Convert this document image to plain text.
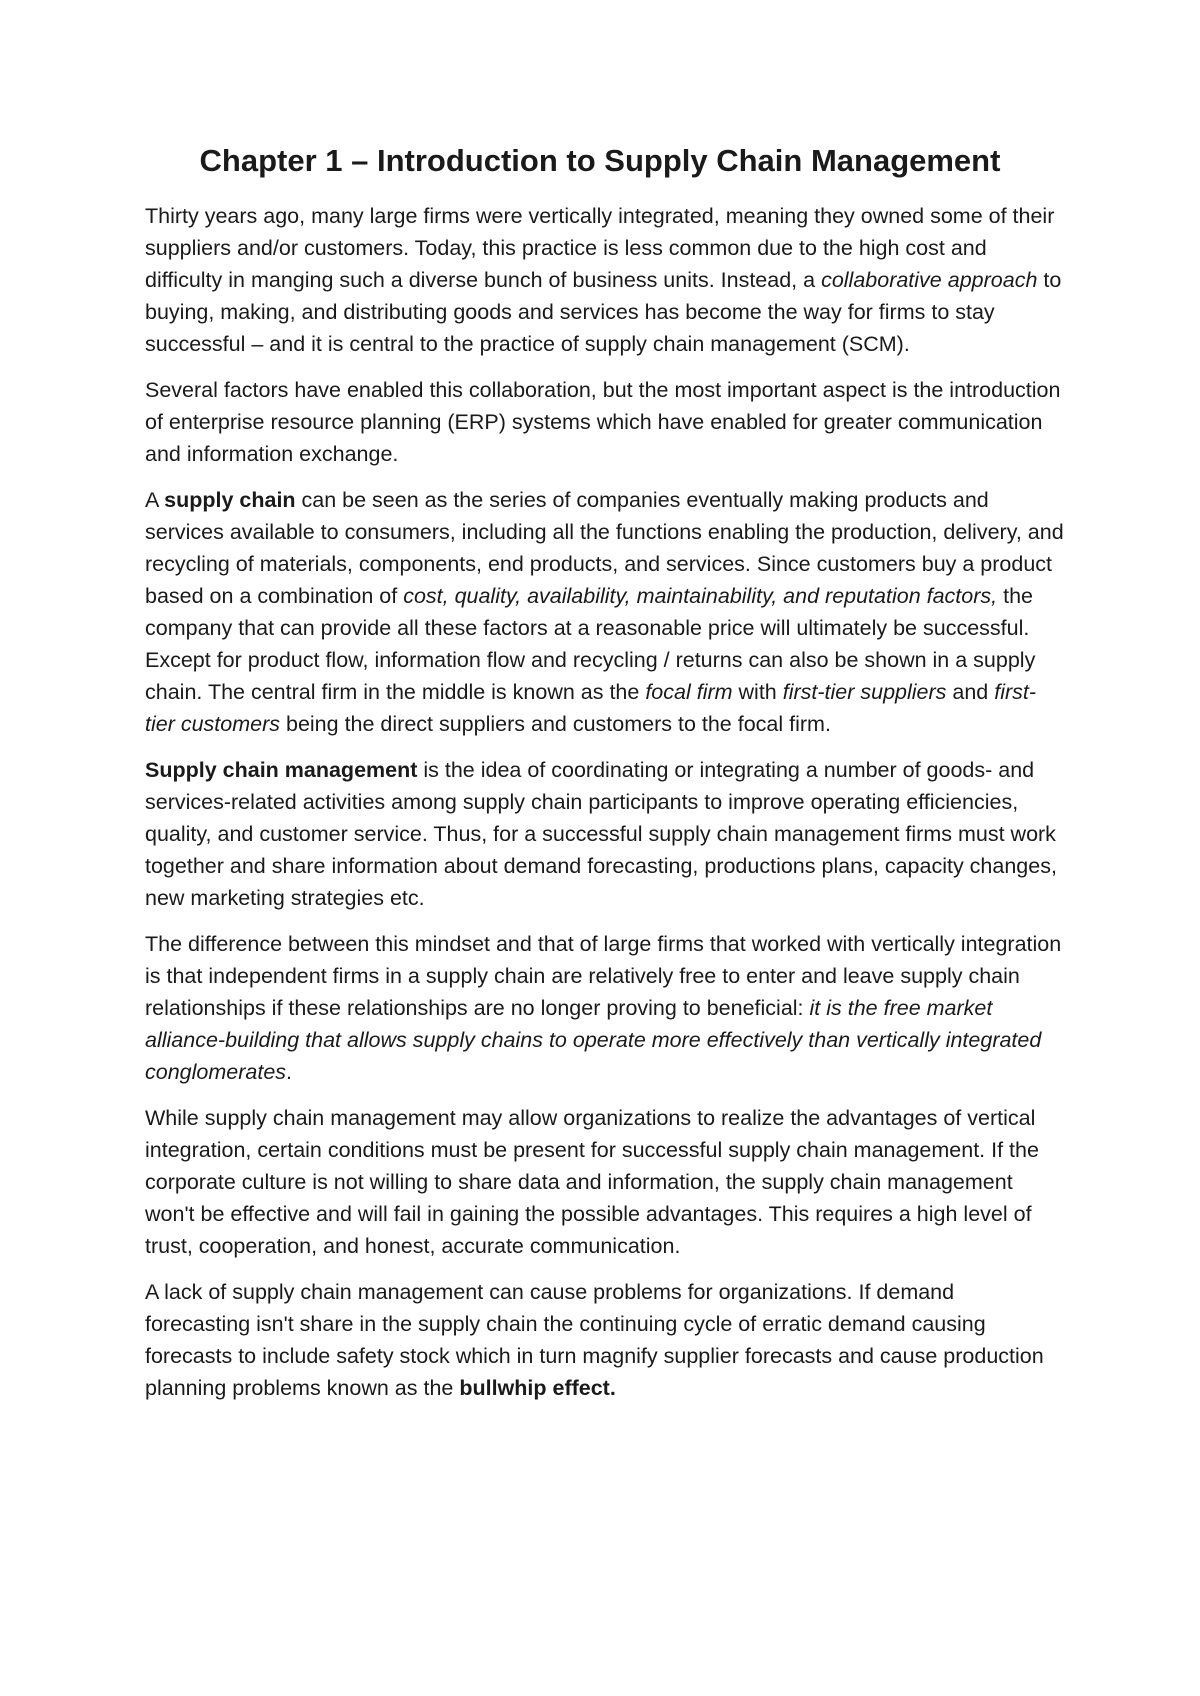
Chapter 1 – Introduction to Supply Chain Management

Thirty years ago, many large firms were vertically integrated, meaning they owned some of their suppliers and/or customers. Today, this practice is less common due to the high cost and difficulty in manging such a diverse bunch of business units. Instead, a collaborative approach to buying, making, and distributing goods and services has become the way for firms to stay successful – and it is central to the practice of supply chain management (SCM).

Several factors have enabled this collaboration, but the most important aspect is the introduction of enterprise resource planning (ERP) systems which have enabled for greater communication and information exchange.

A supply chain can be seen as the series of companies eventually making products and services available to consumers, including all the functions enabling the production, delivery, and recycling of materials, components, end products, and services. Since customers buy a product based on a combination of cost, quality, availability, maintainability, and reputation factors, the company that can provide all these factors at a reasonable price will ultimately be successful. Except for product flow, information flow and recycling / returns can also be shown in a supply chain. The central firm in the middle is known as the focal firm with first-tier suppliers and first-tier customers being the direct suppliers and customers to the focal firm.

Supply chain management is the idea of coordinating or integrating a number of goods- and services-related activities among supply chain participants to improve operating efficiencies, quality, and customer service. Thus, for a successful supply chain management firms must work together and share information about demand forecasting, productions plans, capacity changes, new marketing strategies etc.

The difference between this mindset and that of large firms that worked with vertically integration is that independent firms in a supply chain are relatively free to enter and leave supply chain relationships if these relationships are no longer proving to beneficial: it is the free market alliance-building that allows supply chains to operate more effectively than vertically integrated conglomerates.

While supply chain management may allow organizations to realize the advantages of vertical integration, certain conditions must be present for successful supply chain management. If the corporate culture is not willing to share data and information, the supply chain management won't be effective and will fail in gaining the possible advantages. This requires a high level of trust, cooperation, and honest, accurate communication.

A lack of supply chain management can cause problems for organizations. If demand forecasting isn't share in the supply chain the continuing cycle of erratic demand causing forecasts to include safety stock which in turn magnify supplier forecasts and cause production planning problems known as the bullwhip effect.
